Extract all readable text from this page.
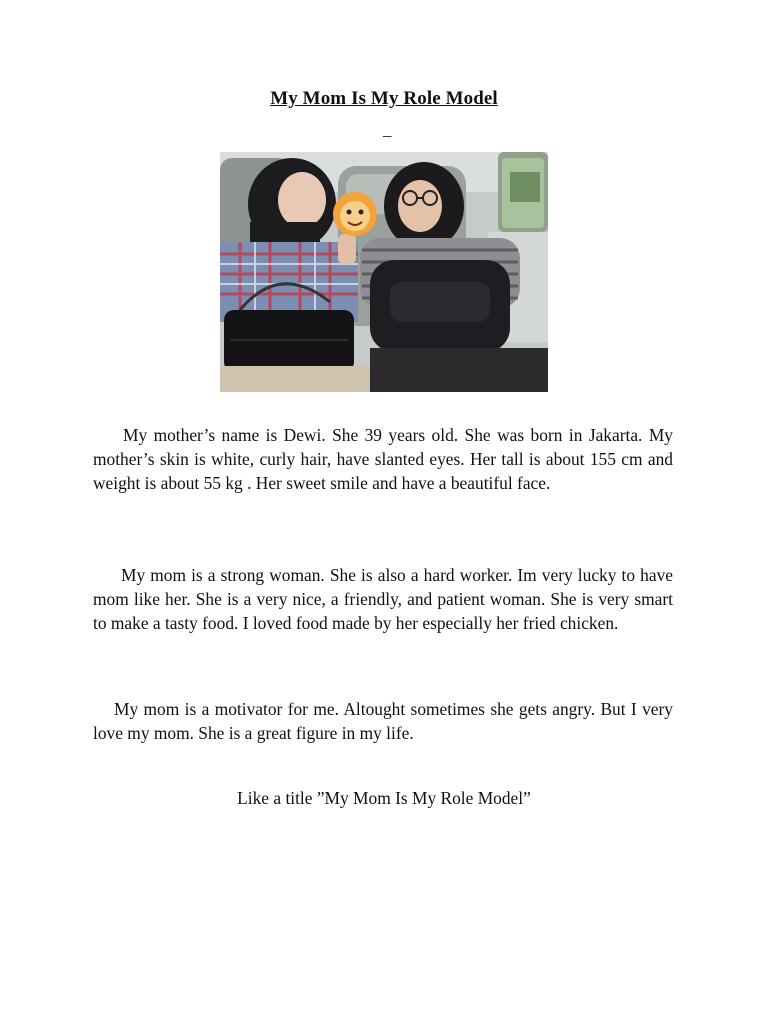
My Mom Is My Role Model
_

My mother’s name is Dewi. She 39 years old. She was born in Jakarta. My mother’s skin is white, curly hair, have slanted eyes. Her tall is about 155 cm and weight is about 55 kg . Her sweet smile and have a beautiful face.

My mom is a strong woman. She is also a hard worker. Im very lucky to have mom like her. She is a very nice, a friendly, and patient woman. She is very smart to make a tasty food. I loved food made by her especially her fried chicken.

My mom is a motivator for me. Altought sometimes she gets angry. But I very love my mom. She is a great figure in my life.

Like a title ”My Mom Is My Role Model”
